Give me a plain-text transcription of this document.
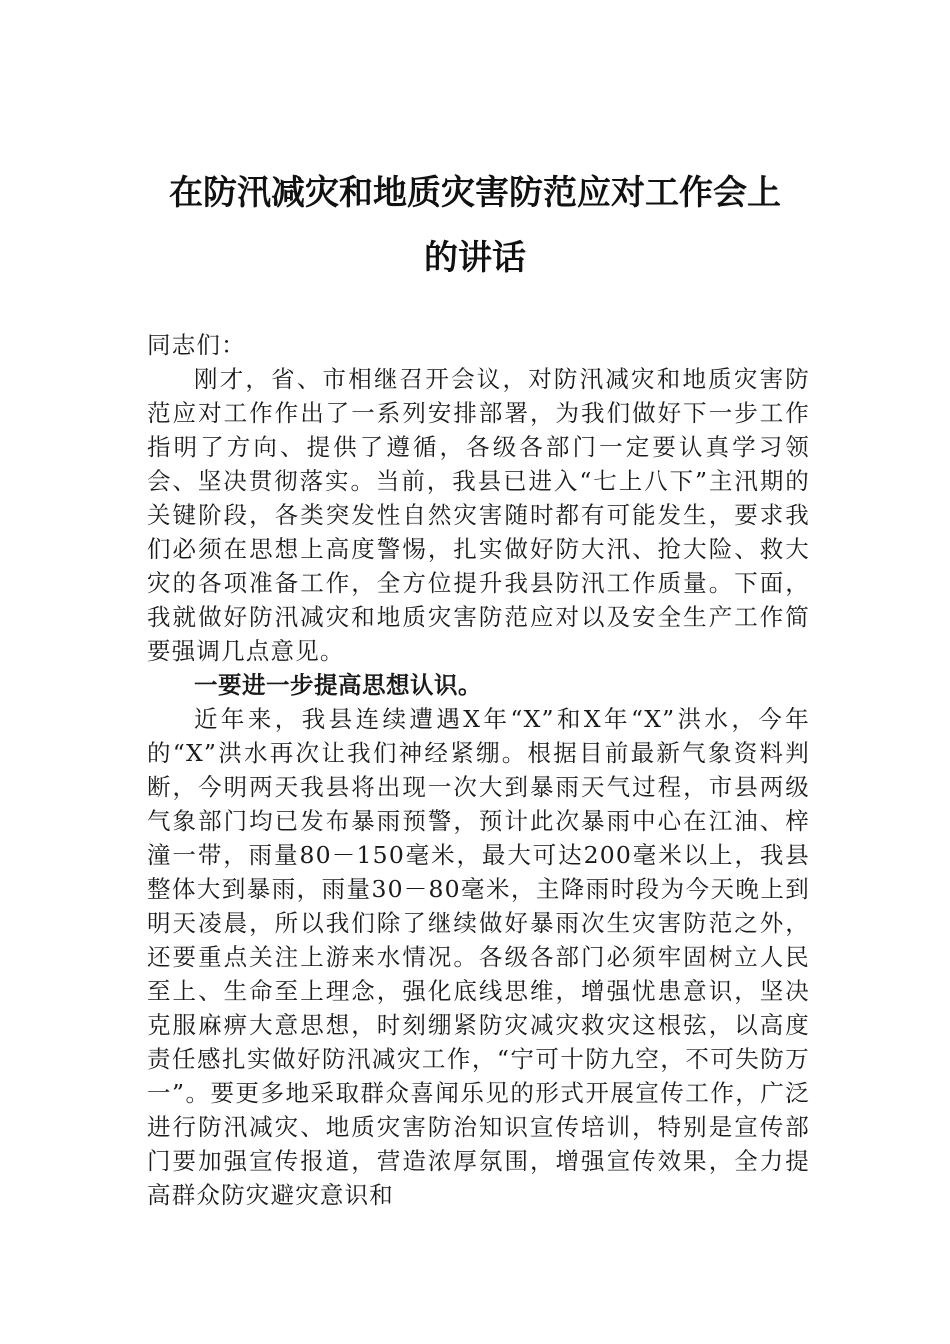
在防汛减灾和地质灾害防范应对工作会上
的讲话

同志们：

刚才，省、市相继召开会议，对防汛减灾和地质灾害防范应对工作作出了一系列安排部署，为我们做好下一步工作指明了方向、提供了遵循，各级各部门一定要认真学习领会、坚决贯彻落实。当前，我县已进入“七上八下”主汛期的关键阶段，各类突发性自然灾害随时都有可能发生，要求我们必须在思想上高度警惕，扎实做好防大汛、抢大险、救大灾的各项准备工作，全方位提升我县防汛工作质量。下面，我就做好防汛减灾和地质灾害防范应对以及安全生产工作简要强调几点意见。

一要进一步提高思想认识。

近年来，我县连续遭遇X年“X”和X年“X”洪水，今年的“X”洪水再次让我们神经紧绷。根据目前最新气象资料判断，今明两天我县将出现一次大到暴雨天气过程，市县两级气象部门均已发布暴雨预警，预计此次暴雨中心在江油、梓潼一带，雨量80－150毫米，最大可达200毫米以上，我县整体大到暴雨，雨量30－80毫米，主降雨时段为今天晚上到明天凌晨，所以我们除了继续做好暴雨次生灾害防范之外，还要重点关注上游来水情况。各级各部门必须牢固树立人民至上、生命至上理念，强化底线思维，增强忧患意识，坚决克服麻痹大意思想，时刻绷紧防灾减灾救灾这根弦，以高度责任感扎实做好防汛减灾工作，“宁可十防九空，不可失防万一”。要更多地采取群众喜闻乐见的形式开展宣传工作，广泛进行防汛减灾、地质灾害防治知识宣传培训，特别是宣传部门要加强宣传报道，营造浓厚氛围，增强宣传效果，全力提高群众防灾避灾意识和
